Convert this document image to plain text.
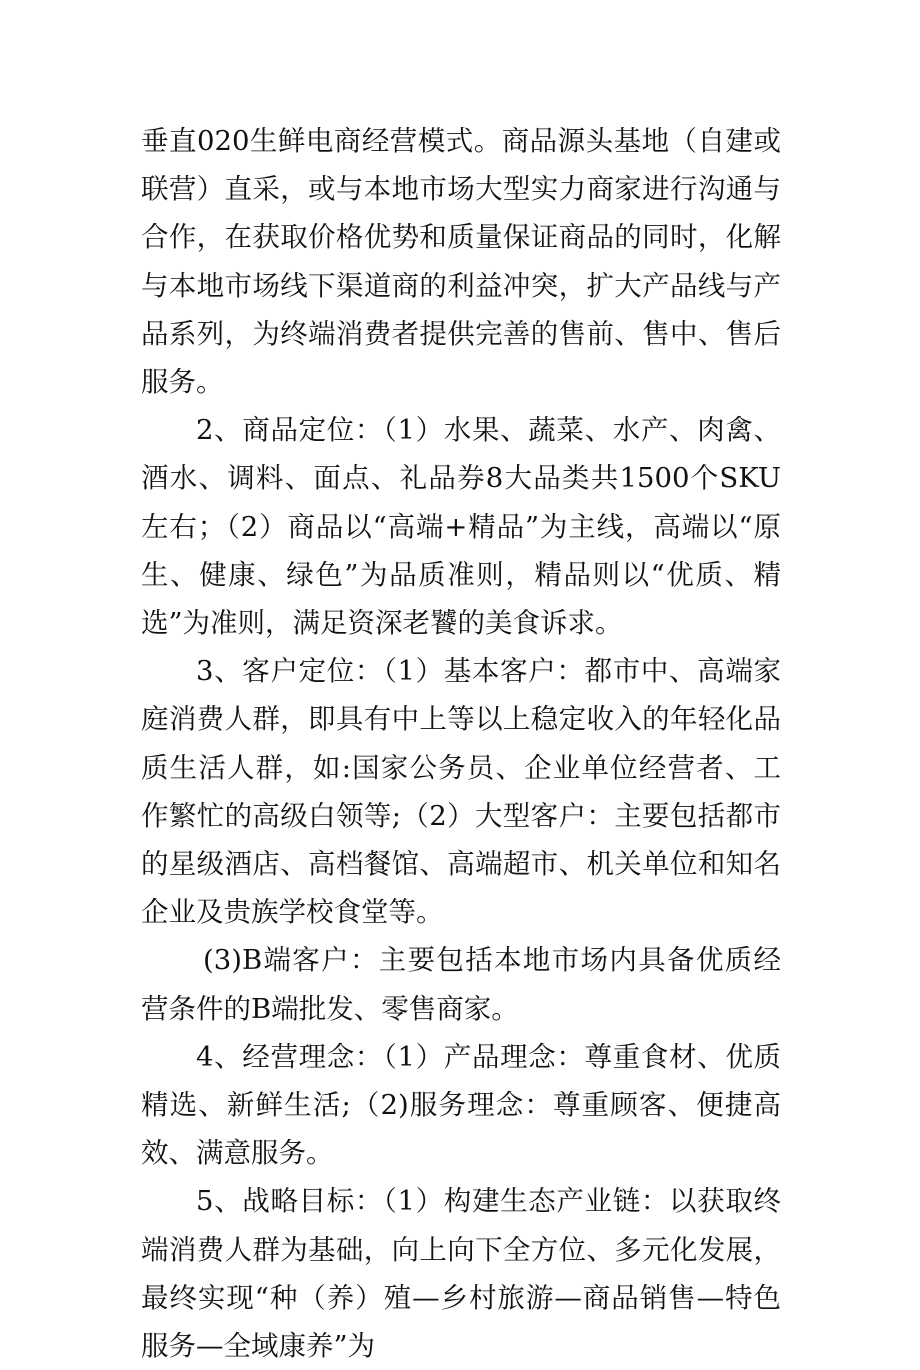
垂直020生鲜电商经营模式。商品源头基地（自建或联营）直采，或与本地市场大型实力商家进行沟通与合作，在获取价格优势和质量保证商品的同时，化解与本地市场线下渠道商的利益冲突，扩大产品线与产品系列，为终端消费者提供完善的售前、售中、售后服务。

2、商品定位：（1）水果、蔬菜、水产、肉禽、酒水、调料、面点、礼品券8大品类共1500个SKU左右；（2）商品以“高端+精品”为主线，高端以“原生、健康、绿色”为品质准则，精品则以“优质、精选”为准则，满足资深老饕的美食诉求。

3、客户定位：（1）基本客户：都市中、高端家庭消费人群，即具有中上等以上稳定收入的年轻化品质生活人群，如:国家公务员、企业单位经营者、工作繁忙的高级白领等;（2）大型客户：主要包括都市的星级酒店、高档餐馆、高端超市、机关单位和知名企业及贵族学校食堂等。

(3)B端客户：主要包括本地市场内具备优质经营条件的B端批发、零售商家。

4、经营理念：（1）产品理念：尊重食材、优质精选、新鲜生活;（2)服务理念：尊重顾客、便捷高效、满意服务。

5、战略目标：（1）构建生态产业链：以获取终端消费人群为基础，向上向下全方位、多元化发展，最终实现“种（养）殖—乡村旅游—商品销售—特色服务—全域康养”为
